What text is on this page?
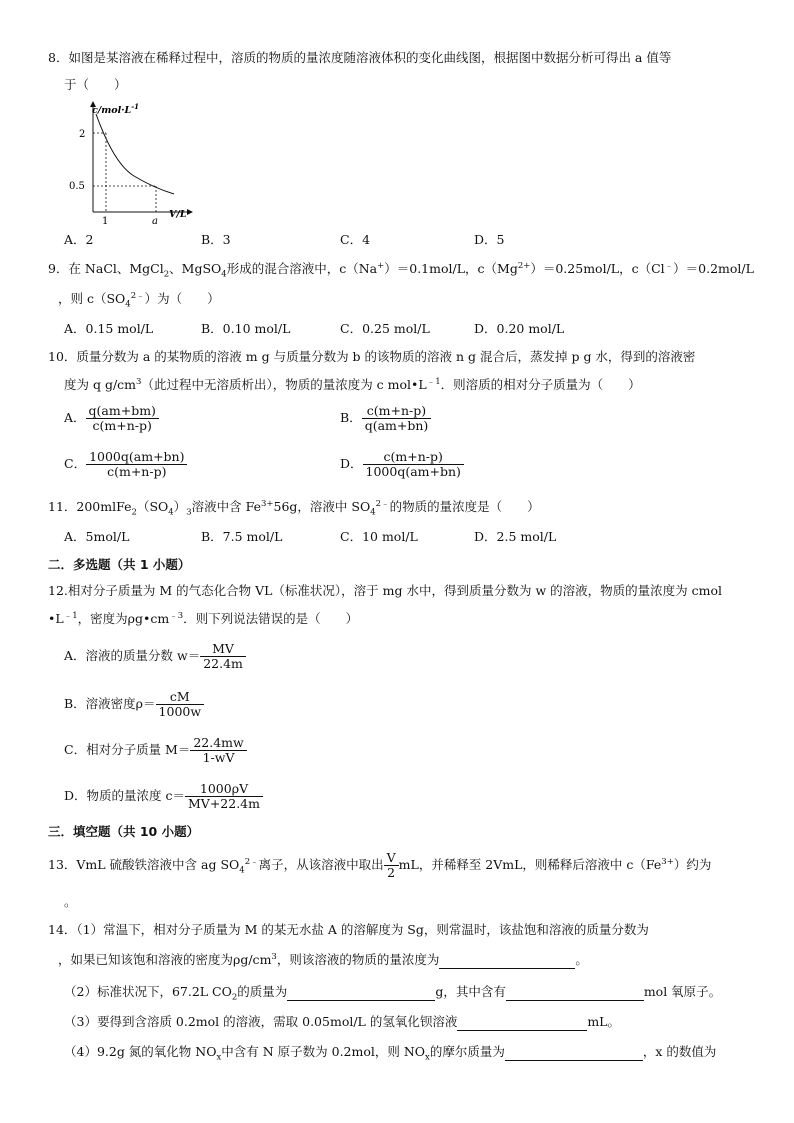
8．如图是某溶液在稀释过程中，溶质的物质的量浓度随溶液体积的变化曲线图，根据图中数据分析可得出 a 值等
于（　　）
$c/mol\cdot L^{-1}$
V/L
2
0.5
1	a
A．2	B．3	C．4	D．5
9．在 NaCl、MgCl$_2$、MgSO$_4$形成的混合溶液中，c（Na+）＝0.1mol/L，$c(Mg^{2+})=0.25mol/L$，c（Cl﹣）＝0.2mol/L
，则 $c(SO_4^{2﹣})$为（　　）
A．0.15 mol/L	B．0.10 mol/L	C．0.25 mol/L	D．0.20 mol/L
10．质量分数为 a 的某物质的溶液 m g 与质量分数为 b 的该物质的溶液 n g 混合后，蒸发掉 p g 水，得到的溶液密
度为 q $g/cm^3$（此过程中无溶质析出），物质的量浓度为 c $mol•L^{﹣1}$．则溶质的相对分子质量为（　　）
A． $\frac{q(am+bm)}{c(m+n-p)}$	B． $\frac{c(m+n-p)}{q(am+bn)}$
C． $\frac{1000q(am+bn)}{c(m+n-p)}$	D． $\frac{c(m+n-p)}{1000q(am+bn)}$
11．$200mlFe_2(SO_4)_3$溶液中含 $Fe^{3+}56g$，溶液中 $SO_4^{2﹣}$的物质的量浓度是（　　）
A．5mol/L	B．7.5 mol/L	C．10 mol/L	D．2.5 mol/L
二．多选题（共 1 小题）
12.相对分子质量为 M 的气态化合物 VL（标准状况），溶于 mg 水中，得到质量分数为 w 的溶液，物质的量浓度为 cmol
$•L^{﹣1}$，密度为$\rho g•cm^{﹣3}$．则下列说法错误的是（　　）
A．溶液的质量分数 $w= \frac{MV}{22.4m}$
B．溶液密度$\rho= \frac{cM}{1000w}$
C．相对分子质量 $M= \frac{22.4mw}{1-wV}$
D．物质的量浓度 $c= \frac{1000\rho V}{MV+22.4m}$
三．填空题（共 10 小题）
13．VmL 硫酸铁溶液中含 ag $SO_4^{2﹣}$离子，从该溶液中取出 $\frac{V}{2}$ mL，并稀释至 2VmL，则稀释后溶液中 $c(Fe^{3+})$约为
。
14．（1）常温下，相对分子质量为 M 的某无水盐 A 的溶解度为 Sg，则常温时，该盐饱和溶液的质量分数为
，如果已知该饱和溶液的密度为$\rho g/cm^3$，则该溶液的物质的量浓度为	。
（2）标准状况下，67.2L $CO_2$的质量为	g，其中含有	mol 氧原子。
（3）要得到含溶质 0.2mol 的溶液，需取 0.05mol/L 的氢氧化钡溶液	mL。
（4）9.2g 氮的氧化物 $NO_x$中含有 N 原子数为 0.2mol，则 $NO_x$的摩尔质量为	，x 的数值为
